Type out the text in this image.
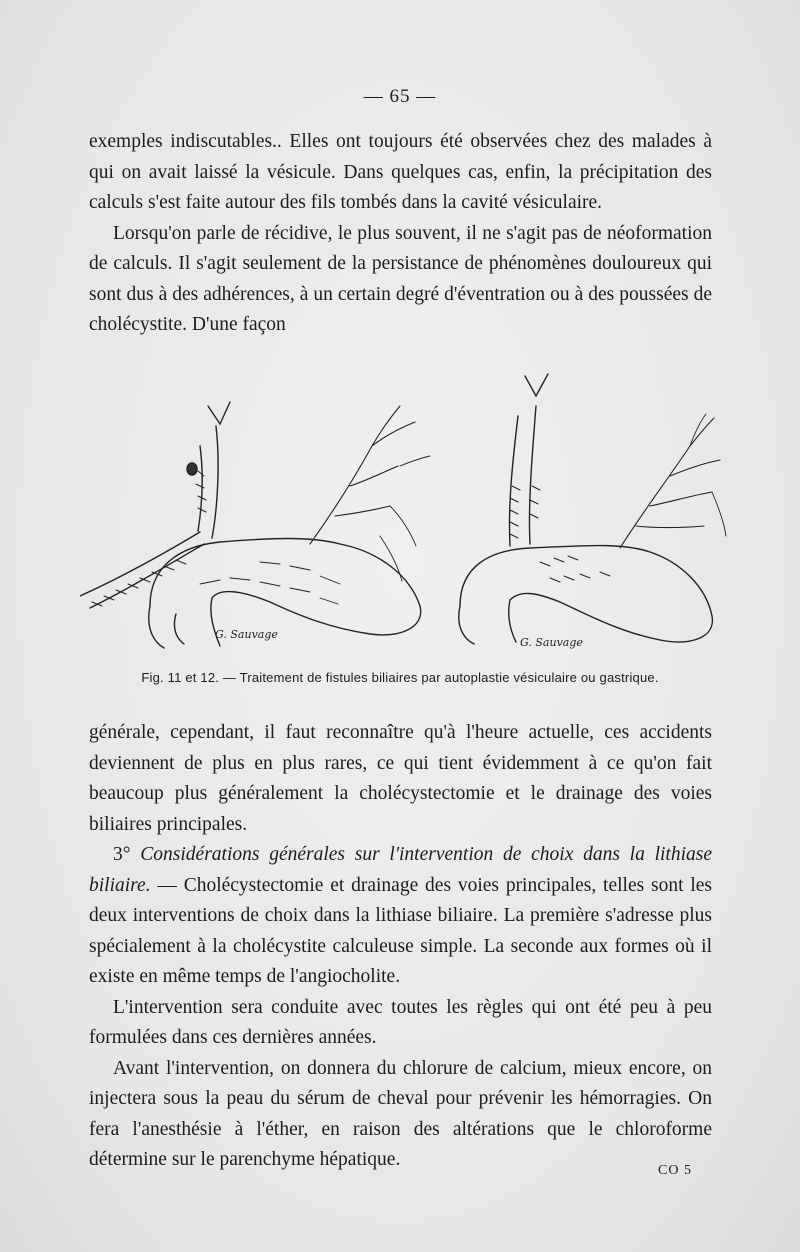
— 65 —

exemples indiscutables.. Elles ont toujours été observées chez des malades à qui on avait laissé la vésicule. Dans quelques cas, enfin, la précipitation des calculs s'est faite autour des fils tombés dans la cavité vésiculaire.

Lorsqu'on parle de récidive, le plus souvent, il ne s'agit pas de néoformation de calculs. Il s'agit seulement de la persistance de phénomènes douloureux qui sont dus à des adhérences, à un certain degré d'éventration ou à des poussées de cholécystite. D'une façon

G. Sauvage
G. Sauvage
Fig. 11 et 12. — Traitement de fistules biliaires par autoplastie vésiculaire ou gastrique.

générale, cependant, il faut reconnaître qu'à l'heure actuelle, ces accidents deviennent de plus en plus rares, ce qui tient évidemment à ce qu'on fait beaucoup plus généralement la cholécystectomie et le drainage des voies biliaires principales.

3° Considérations générales sur l'intervention de choix dans la lithiase biliaire. — Cholécystectomie et drainage des voies principales, telles sont les deux interventions de choix dans la lithiase biliaire. La première s'adresse plus spécialement à la cholécystite calculeuse simple. La seconde aux formes où il existe en même temps de l'angiocholite.

L'intervention sera conduite avec toutes les règles qui ont été peu à peu formulées dans ces dernières années.

Avant l'intervention, on donnera du chlorure de calcium, mieux encore, on injectera sous la peau du sérum de cheval pour prévenir les hémorragies. On fera l'anesthésie à l'éther, en raison des altérations que le chloroforme détermine sur le parenchyme hépatique.

CO 5
